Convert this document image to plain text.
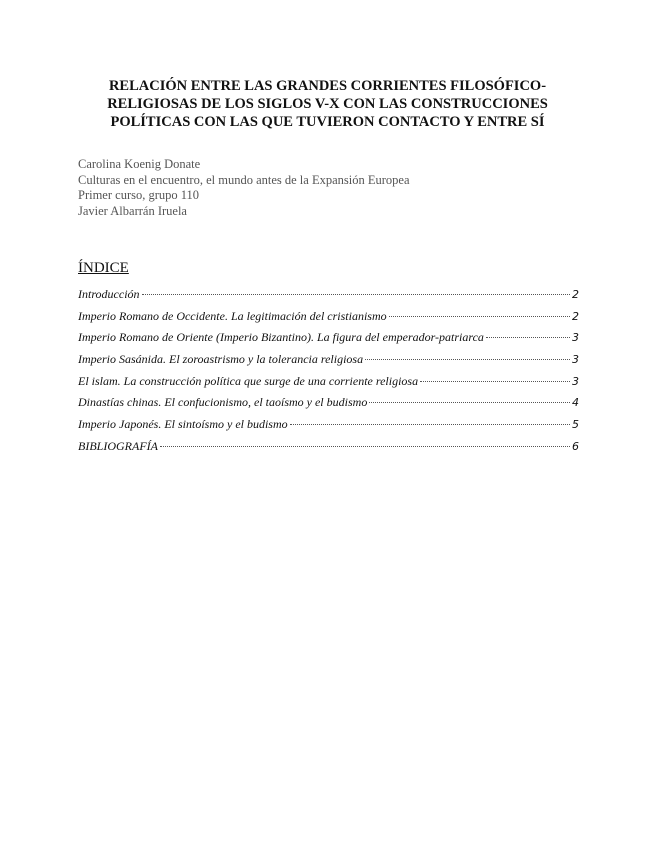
RELACIÓN ENTRE LAS GRANDES CORRIENTES FILOSÓFICO-
RELIGIOSAS DE LOS SIGLOS V-X CON LAS CONSTRUCCIONES
POLÍTICAS CON LAS QUE TUVIERON CONTACTO Y ENTRE SÍ
Carolina Koenig Donate
Culturas en el encuentro, el mundo antes de la Expansión Europea
Primer curso, grupo 110
Javier Albarrán Iruela
ÍNDICE
Introducción	2
Imperio Romano de Occidente. La legitimación del cristianismo	2
Imperio Romano de Oriente (Imperio Bizantino). La figura del emperador-patriarca	3
Imperio Sasánida. El zoroastrismo y la tolerancia religiosa	3
El islam. La construcción política que surge de una corriente religiosa	3
Dinastías chinas. El confucionismo, el taoísmo y el budismo	4
Imperio Japonés. El sintoísmo y el budismo	5
BIBLIOGRAFÍA	6
